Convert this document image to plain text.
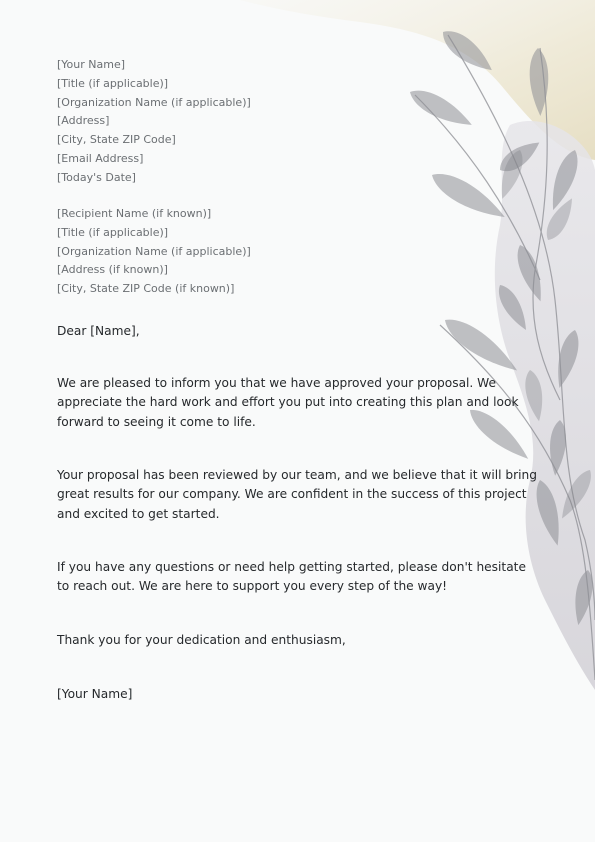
[Your Name]
[Title (if applicable)]
[Organization Name (if applicable)]
[Address]
[City, State ZIP Code]
[Email Address]
[Today's Date]
[Recipient Name (if known)]
[Title (if applicable)]
[Organization Name (if applicable)]
[Address (if known)]
[City, State ZIP Code (if known)]
Dear [Name],

We are pleased to inform you that we have approved your proposal. We appreciate the hard work and effort you put into creating this plan and look forward to seeing it come to life.

Your proposal has been reviewed by our team, and we believe that it will bring great results for our company. We are confident in the success of this project and excited to get started.

If you have any questions or need help getting started, please don't hesitate to reach out. We are here to support you every step of the way!

Thank you for your dedication and enthusiasm,
[Your Name]
